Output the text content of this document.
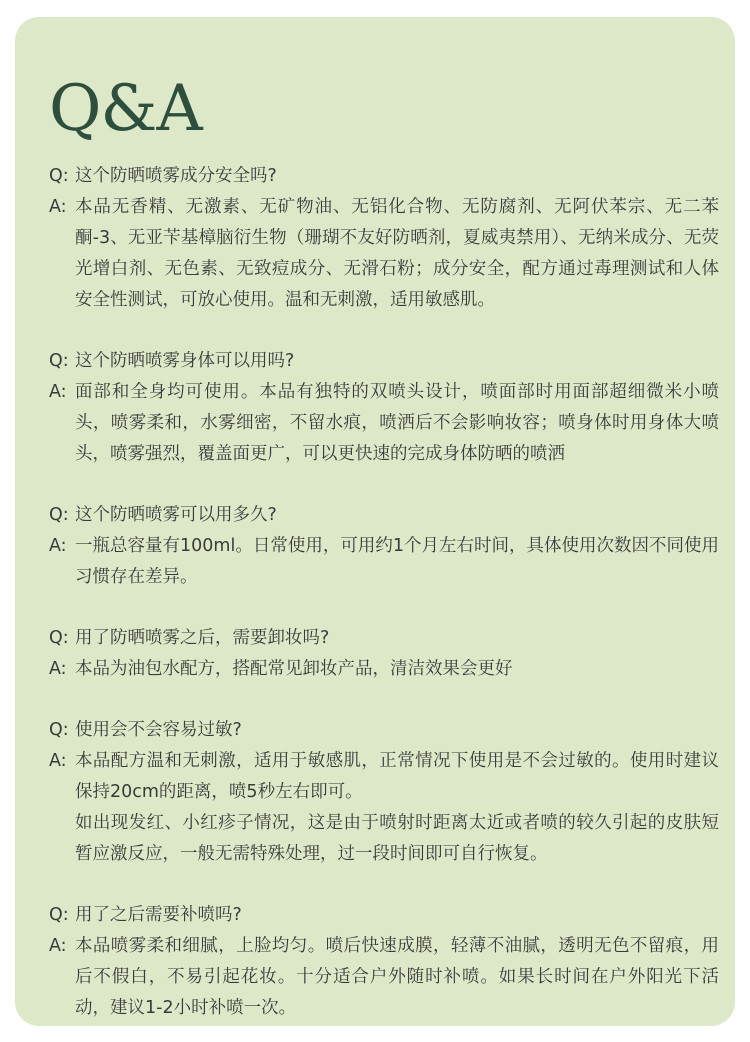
Q&A
Q: 这个防晒喷雾成分安全吗?
A: 本品无香精、无激素、无矿物油、无铝化合物、无防腐剂、无阿伏苯宗、无二苯酮-3、无亚苄基樟脑衍生物（珊瑚不友好防晒剂，夏威夷禁用）、无纳米成分、无荧光增白剂、无色素、无致痘成分、无滑石粉；成分安全，配方通过毒理测试和人体安全性测试，可放心使用。温和无刺激，适用敏感肌。

Q: 这个防晒喷雾身体可以用吗?
A: 面部和全身均可使用。本品有独特的双喷头设计，喷面部时用面部超细微米小喷头，喷雾柔和，水雾细密，不留水痕，喷洒后不会影响妆容；喷身体时用身体大喷头，喷雾强烈，覆盖面更广，可以更快速的完成身体防晒的喷洒

Q: 这个防晒喷雾可以用多久?
A: 一瓶总容量有100ml。日常使用，可用约1个月左右时间，具体使用次数因不同使用习惯存在差异。

Q: 用了防晒喷雾之后，需要卸妆吗?
A: 本品为油包水配方，搭配常见卸妆产品，清洁效果会更好

Q: 使用会不会容易过敏?
A: 本品配方温和无刺激，适用于敏感肌，正常情况下使用是不会过敏的。使用时建议保持20cm的距离，喷5秒左右即可。

如出现发红、小红疹子情况，这是由于喷射时距离太近或者喷的较久引起的皮肤短暂应激反应，一般无需特殊处理，过一段时间即可自行恢复。

Q: 用了之后需要补喷吗?
A: 本品喷雾柔和细腻，上脸均匀。喷后快速成膜，轻薄不油腻，透明无色不留痕，用后不假白，不易引起花妆。十分适合户外随时补喷。如果长时间在户外阳光下活动，建议1-2小时补喷一次。
